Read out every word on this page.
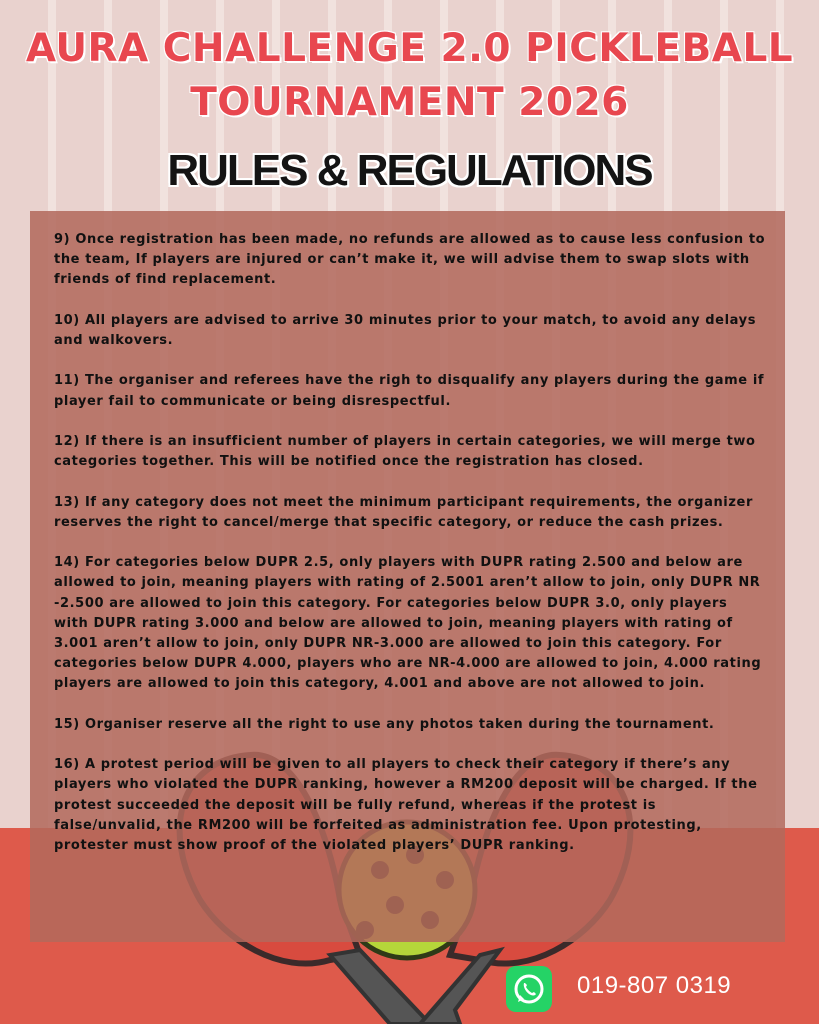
AURA CHALLENGE 2.0 PICKLEBALL
TOURNAMENT 2026
RULES & REGULATIONS

9) Once registration has been made, no refunds are allowed as to cause less confusion to the team, If players are injured or can’t make it, we will advise them to swap slots with friends of find replacement.

10) All players are advised to arrive 30 minutes prior to your match, to avoid any delays and walkovers.

11) The organiser and referees have the righ to disqualify any players during the game if player fail to communicate or being disrespectful.

12) If there is an insufficient number of players in certain categories, we will merge two categories together. This will be notified once the registration has closed.

13) If any category does not meet the minimum participant requirements, the organizer reserves the right to cancel/merge that specific category, or reduce the cash prizes.

14) For categories below DUPR 2.5, only players with DUPR rating 2.500 and below are allowed to join, meaning players with rating of 2.5001 aren’t allow to join, only DUPR NR -2.500 are allowed to join this category. For categories below DUPR 3.0, only players with DUPR rating 3.000 and below are allowed to join, meaning players with rating of 3.001 aren’t allow to join, only DUPR NR-3.000 are allowed to join this category. For categories below DUPR 4.000, players who are NR-4.000 are allowed to join, 4.000 rating players are allowed to join this category, 4.001 and above are not allowed to join.

15) Organiser reserve all the right to use any photos taken during the tournament.

16) A protest period will be given to all players to check their category if there’s any players who violated the DUPR ranking, however a RM200 deposit will be charged. If the protest succeeded the deposit will be fully refund, whereas if the protest is false/unvalid, the RM200 will be forfeited as administration fee. Upon protesting, protester must show proof of the violated players’ DUPR ranking.

019-807 0319
